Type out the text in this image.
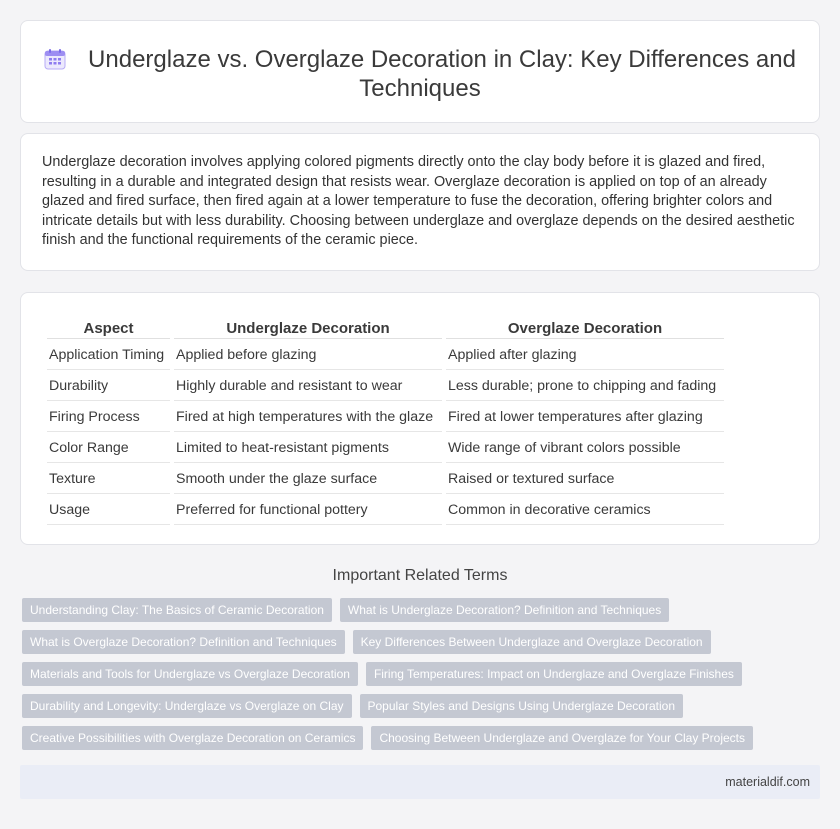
Underglaze vs. Overglaze Decoration in Clay: Key Differences and
Techniques

Underglaze decoration involves applying colored pigments directly onto the clay body before it is glazed and fired, resulting in a durable and integrated design that resists wear. Overglaze decoration is applied on top of an already glazed and fired surface, then fired again at a lower temperature to fuse the decoration, offering brighter colors and intricate details but with less durability. Choosing between underglaze and overglaze depends on the desired aesthetic finish and the functional requirements of the ceramic piece.

Aspect	Underglaze Decoration	Overglaze Decoration
Application Timing	Applied before glazing	Applied after glazing
Durability	Highly durable and resistant to wear	Less durable; prone to chipping and fading
Firing Process	Fired at high temperatures with the glaze	Fired at lower temperatures after glazing
Color Range	Limited to heat-resistant pigments	Wide range of vibrant colors possible
Texture	Smooth under the glaze surface	Raised or textured surface
Usage	Preferred for functional pottery	Common in decorative ceramics
Important Related Terms
Understanding Clay: The Basics of Ceramic Decoration	What is Underglaze Decoration? Definition and Techniques
What is Overglaze Decoration? Definition and Techniques	Key Differences Between Underglaze and Overglaze Decoration
Materials and Tools for Underglaze vs Overglaze Decoration	Firing Temperatures: Impact on Underglaze and Overglaze Finishes
Durability and Longevity: Underglaze vs Overglaze on Clay	Popular Styles and Designs Using Underglaze Decoration
Creative Possibilities with Overglaze Decoration on Ceramics	Choosing Between Underglaze and Overglaze for Your Clay Projects
materialdif.com
